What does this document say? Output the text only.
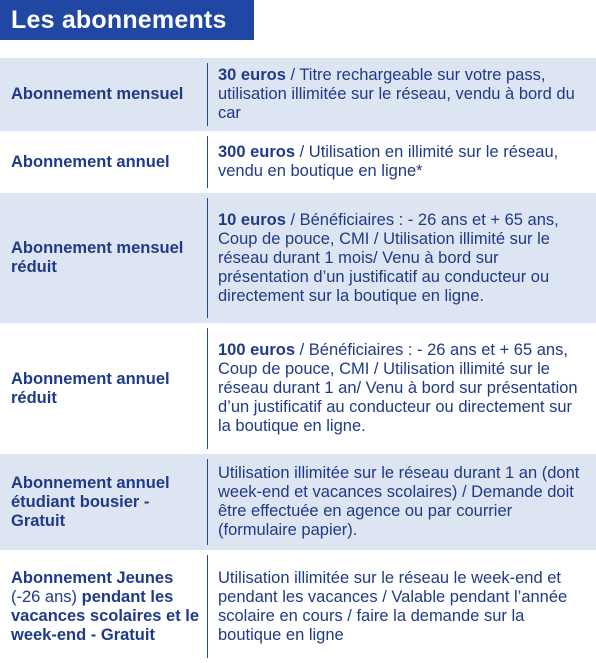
Les abonnements
Abonnement mensuel
30 euros / Titre rechargeable sur votre pass, utilisation illimitée sur le réseau, vendu à bord du car
Abonnement annuel
300 euros / Utilisation en illimité sur le réseau, vendu en boutique en ligne*
Abonnement mensuel réduit
10 euros / Bénéficiaires : - 26 ans et + 65 ans, Coup de pouce, CMI / Utilisation illimité sur le réseau durant 1 mois/ Venu à bord sur présentation d’un justificatif au conducteur ou directement sur la boutique en ligne.
Abonnement annuel réduit
100 euros / Bénéficiaires : - 26 ans et + 65 ans, Coup de pouce, CMI / Utilisation illimité sur le réseau durant 1 an/ Venu à bord sur présentation d’un justificatif au conducteur ou directement sur la boutique en ligne.
Abonnement annuel étudiant bousier - Gratuit
Utilisation illimitée sur le réseau durant 1 an (dont week-end et vacances scolaires) / Demande doit être effectuée en agence ou par courrier (formulaire papier).
Abonnement Jeunes (-26 ans) pendant les vacances scolaires et le week-end - Gratuit
Utilisation illimitée sur le réseau le week-end et pendant les vacances / Valable pendant l’année scolaire en cours / faire la demande sur la boutique en ligne
